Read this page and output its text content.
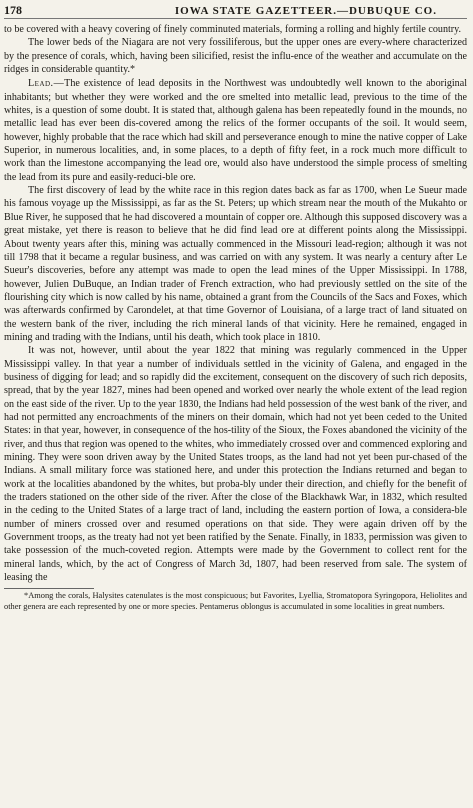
178	IOWA STATE GAZETTEER.—DUBUQUE CO.

to be covered with a heavy covering of finely comminuted materials, forming a rolling and highly fertile country.

The lower beds of the Niagara are not very fossiliferous, but the upper ones are every-where characterized by the presence of corals, which, having been silicified, resist the influ-ence of the weather and accumulate on the ridges in considerable quantity.*

Lead.—The existence of lead deposits in the Northwest was undoubtedly well known to the aboriginal inhabitants; but whether they were worked and the ore smelted into metallic lead, previous to the time of the whites, is a question of some doubt. It is stated that, although galena has been repeatedly found in the mounds, no metallic lead has ever been dis-covered among the relics of the former occupants of the soil. It would seem, however, highly probable that the race which had skill and perseverance enough to mine the native copper of Lake Superior, in numerous localities, and, in some places, to a depth of fifty feet, in a rock much more difficult to work than the limestone accompanying the lead ore, would also have understood the simple process of smelting the lead from its pure and easily-reduci-ble ore.

The first discovery of lead by the white race in this region dates back as far as 1700, when Le Sueur made his famous voyage up the Mississippi, as far as the St. Peters; up which stream near the mouth of the Mukahto or Blue River, he supposed that he had discovered a mountain of copper ore. Although this supposed discovery was a great mistake, yet there is reason to believe that he did find lead ore at different points along the Mississippi. About twenty years after this, mining was actually commenced in the Missouri lead-region; although it was not till 1798 that it became a regular business, and was carried on with any system. It was nearly a century after Le Sueur's discoveries, before any attempt was made to open the lead mines of the Upper Mississippi. In 1788, however, Julien DuBuque, an Indian trader of French extraction, who had previously settled on the site of the flourishing city which is now called by his name, obtained a grant from the Councils of the Sacs and Foxes, which was afterwards confirmed by Carondelet, at that time Governor of Louisiana, of a large tract of land situated on the western bank of the river, including the rich mineral lands of that vicinity. Here he remained, engaged in mining and trading with the Indians, until his death, which took place in 1810.

It was not, however, until about the year 1822 that mining was regularly commenced in the Upper Mississippi valley. In that year a number of individuals settled in the vicinity of Galena, and engaged in the business of digging for lead; and so rapidly did the excitement, consequent on the discovery of such rich deposits, spread, that by the year 1827, mines had been opened and worked over nearly the whole extent of the lead region on the east side of the river. Up to the year 1830, the Indians had held possession of the west bank of the river, and had not permitted any encroachments of the miners on their domain, which had not yet been ceded to the United States: in that year, however, in consequence of the hos-tility of the Sioux, the Foxes abandoned the vicinity of the river, and thus that region was opened to the whites, who immediately crossed over and commenced exploring and mining. They were soon driven away by the United States troops, as the land had not yet been pur-chased of the Indians. A small military force was stationed here, and under this protection the Indians returned and began to work at the localities abandoned by the whites, but proba-bly under their direction, and chiefly for the benefit of the traders stationed on the other side of the river. After the close of the Blackhawk War, in 1832, which resulted in the ceding to the United States of a large tract of land, including the eastern portion of Iowa, a considera-ble number of miners crossed over and resumed operations on that side. They were again driven off by the Government troops, as the treaty had not yet been ratified by the Senate. Finally, in 1833, permission was given to take possession of the much-coveted region. Attempts were made by the Government to collect rent for the mineral lands, which, by the act of Congress of March 3d, 1807, had been reserved from sale. The system of leasing the

*Among the corals, Halysites catenulates is the most conspicuous; but Favorites, Lyellia, Stromatopora Syringopora, Heliolites and other genera are each represented by one or more species. Pentamerus oblongus is accumulated in some localities in great numbers.
